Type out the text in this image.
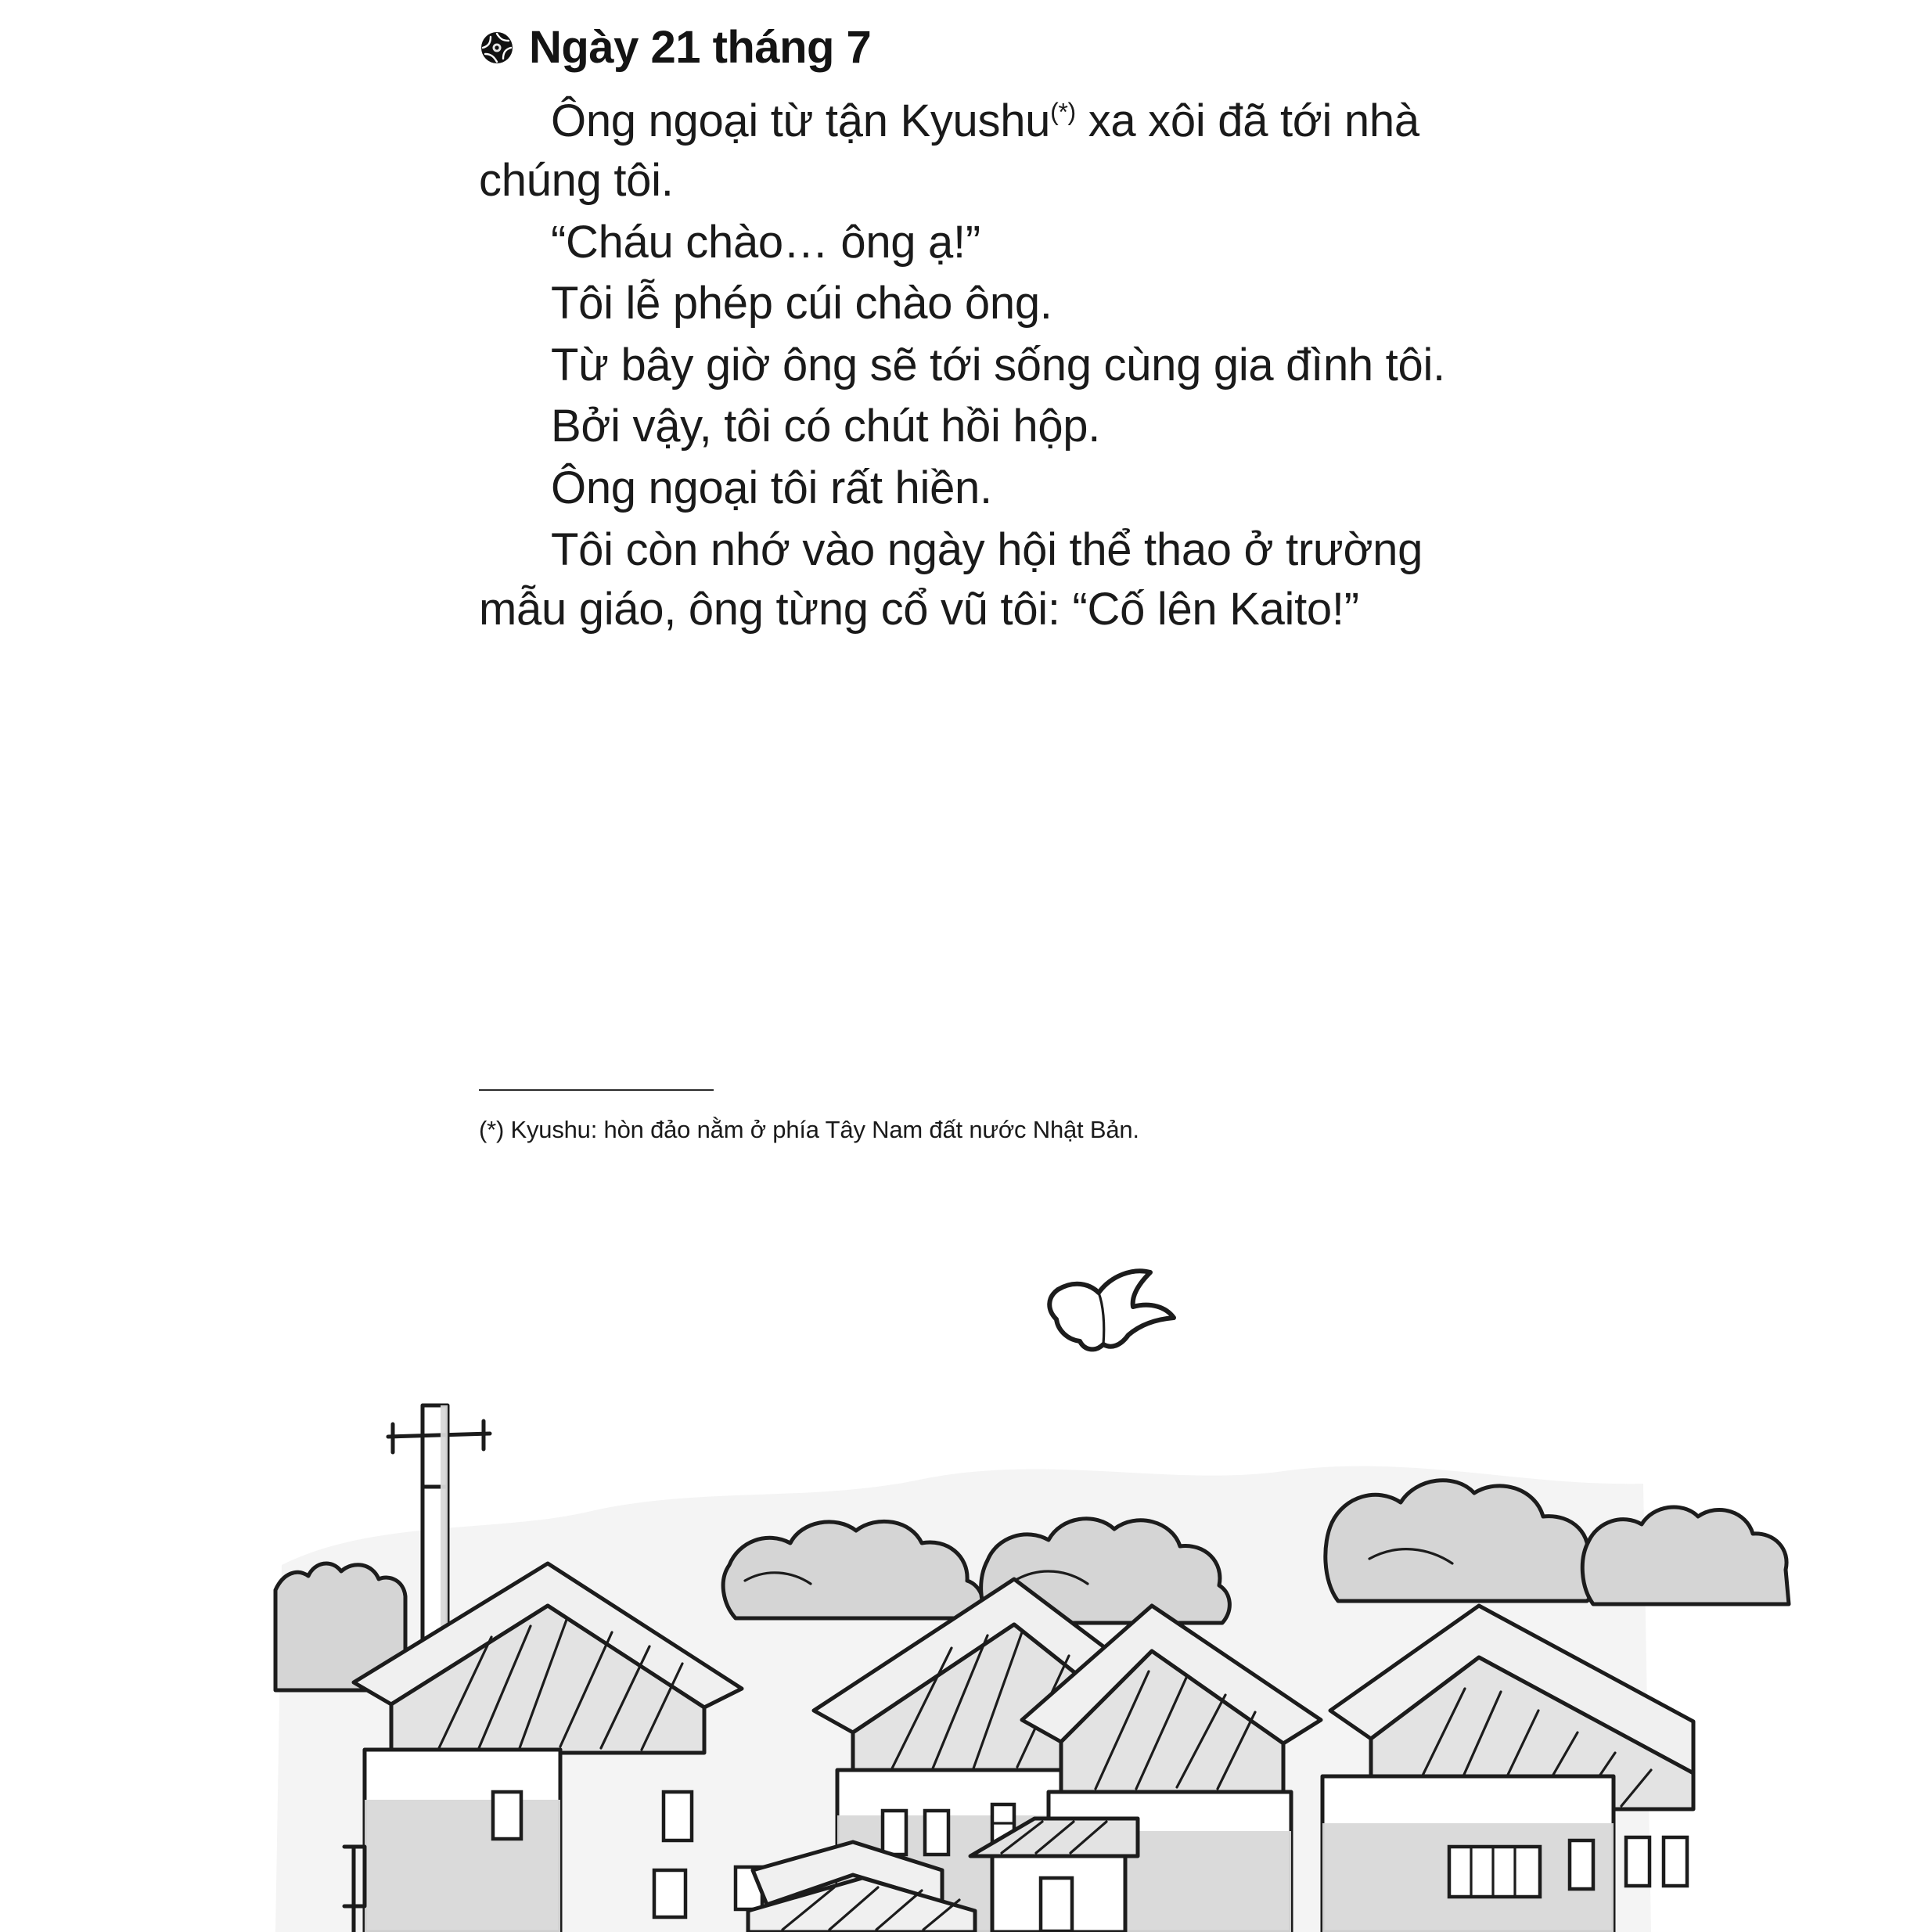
Ngày 21 tháng 7

Ông ngoại từ tận Kyushu(*) xa xôi đã tới nhà chúng tôi.

“Cháu chào… ông ạ!”

Tôi lễ phép cúi chào ông.

Từ bây giờ ông sẽ tới sống cùng gia đình tôi.

Bởi vậy, tôi có chút hồi hộp.

Ông ngoại tôi rất hiền.

Tôi còn nhớ vào ngày hội thể thao ở trường mẫu giáo, ông từng cổ vũ tôi: “Cố lên Kaito!”

(*) Kyushu: hòn đảo nằm ở phía Tây Nam đất nước Nhật Bản.
